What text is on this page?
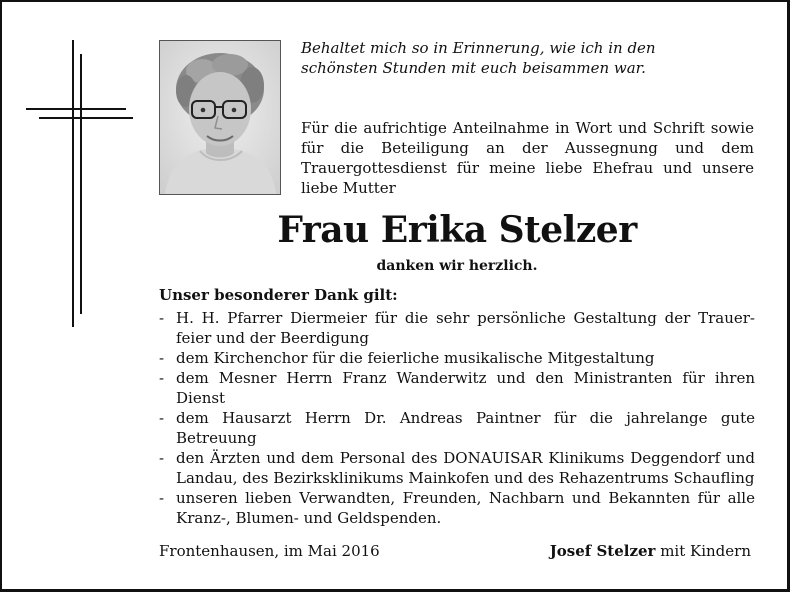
Behaltet mich so in Erinnerung, wie ich in den
schönsten Stunden mit euch beisammen war.

Für die aufrichtige Anteilnahme in Wort und Schrift sowie für die Beteiligung an der Aussegnung und dem Trauergottesdienst für meine liebe Ehefrau und unsere liebe Mutter

Frau Erika Stelzer

danken wir herzlich.

Unser besonderer Dank gilt:

- H. H. Pfarrer Diermeier für die sehr persönliche Gestaltung der Trauer-feier und der Beerdigung
- dem Kirchenchor für die feierliche musikalische Mitgestaltung
- dem Mesner Herrn Franz Wanderwitz und den Ministranten für ihren Dienst
- dem Hausarzt Herrn Dr. Andreas Paintner für die jahrelange gute Betreuung
- den Ärzten und dem Personal des DONAUISAR Klinikums Deggendorf und Landau, des Bezirksklinikums Mainkofen und des Rehazentrums Schaufling
- unseren lieben Verwandten, Freunden, Nachbarn und Bekannten für alle Kranz-, Blumen- und Geldspenden.

Frontenhausen, im Mai 2016	Josef Stelzer mit Kindern
